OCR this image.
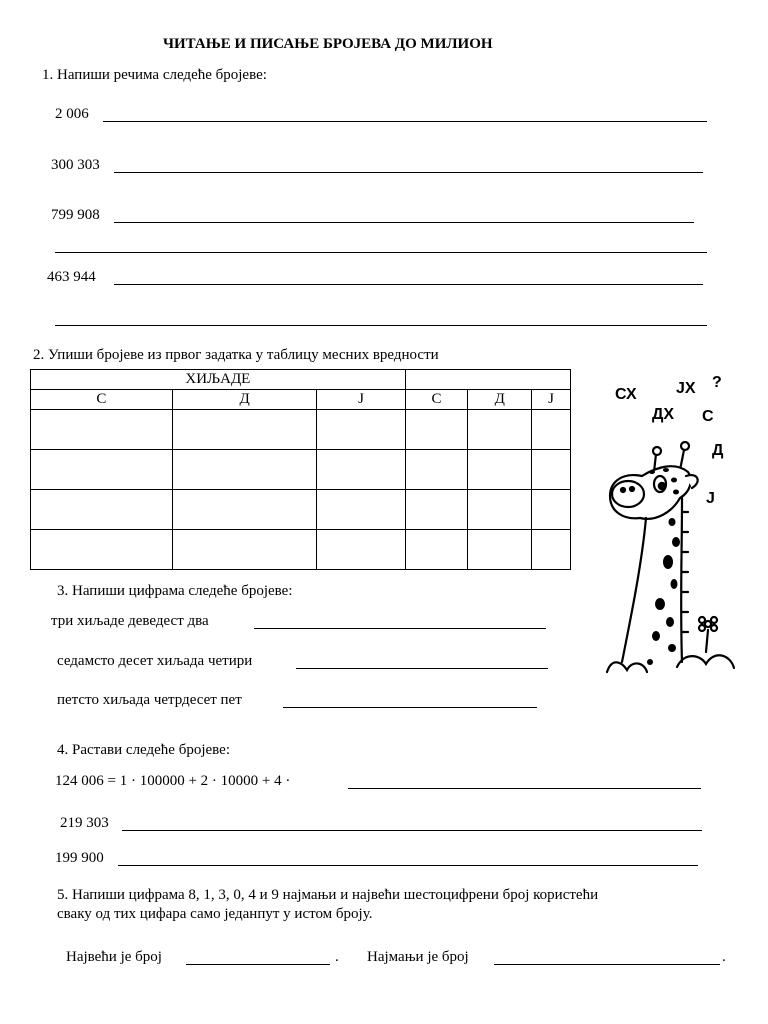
ЧИТАЊЕ И ПИСАЊЕ БРОЈЕВА ДО МИЛИОН
1. Напиши речима следеће бројеве:
2 006
300 303
799 908
463 944
2. Упиши бројеве из првог задатка у таблицу месних вредности
ХИЉАДЕ					
С	Д	Ј	С	Д	Ј

						СХ ЈХ ?
ДХ С
Д
Ј
3. Напиши цифрама следеће бројеве:
три хиљаде деведест два
седамсто десет хиљада четири
петсто хиљада четрдесет пет
4. Растави следеће бројеве:
124 006 = 1 · 100000 + 2 · 10000 + 4 ·
219 303
199 900
5. Напиши цифрама 8, 1, 3, 0, 4 и 9 најмањи и највећи шестоцифрени број користећи
сваку од тих цифара само једанпут у истом броју.
Највећи је број	. Најмањи је број	.
